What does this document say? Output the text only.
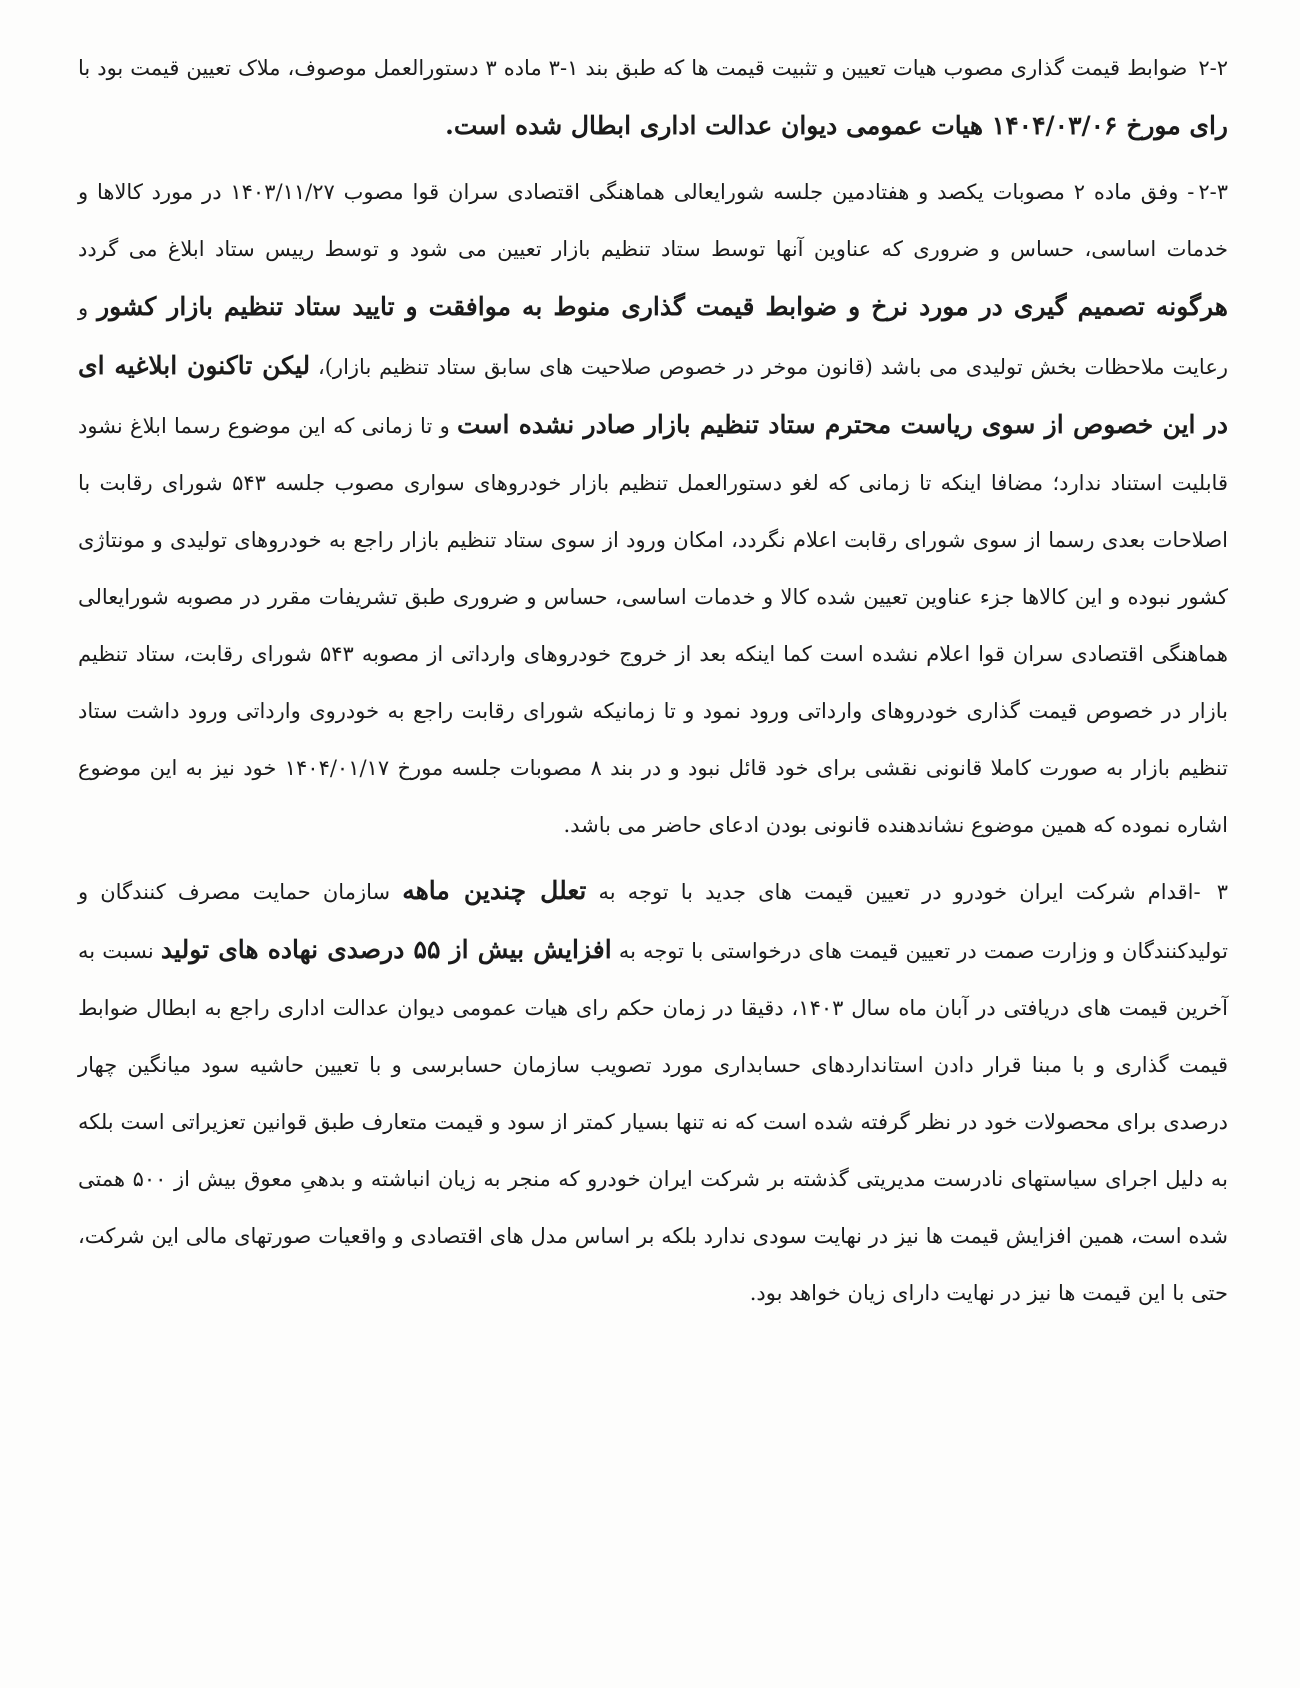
۲-۲ ضوابط قیمت گذاری مصوب هیات تعیین و تثبیت قیمت ها که طبق بند ۱-۳ ماده ۳ دستورالعمل موصوف، ملاک تعیین قیمت بود با رای مورخ ۱۴۰۴/۰۳/۰۶ هیات عمومی دیوان عدالت اداری ابطال شده است.

۲-۳- وفق ماده ۲ مصوبات یکصد و هفتادمین جلسه شورایعالی هماهنگی اقتصادی سران قوا مصوب ۱۴۰۳/۱۱/۲۷ در مورد کالاها و خدمات اساسی، حساس و ضروری که عناوین آنها توسط ستاد تنظیم بازار تعیین می شود و توسط رییس ستاد ابلاغ می گردد هرگونه تصمیم گیری در مورد نرخ و ضوابط قیمت گذاری منوط به موافقت و تایید ستاد تنظیم بازار کشور و رعایت ملاحظات بخش تولیدی می باشد (قانون موخر در خصوص صلاحیت های سابق ستاد تنظیم بازار)، لیکن تاکنون ابلاغیه ای در این خصوص از سوی ریاست محترم ستاد تنظیم بازار صادر نشده است و تا زمانی که این موضوع رسما ابلاغ نشود قابلیت استناد ندارد؛ مضافا اینکه تا زمانی که لغو دستورالعمل تنظیم بازار خودروهای سواری مصوب جلسه ۵۴۳ شورای رقابت با اصلاحات بعدی رسما از سوی شورای رقابت اعلام نگردد، امکان ورود از سوی ستاد تنظیم بازار راجع به خودروهای تولیدی و مونتاژی کشور نبوده و این کالاها جزء عناوین تعیین شده کالا و خدمات اساسی، حساس و ضروری طبق تشریفات مقرر در مصوبه شورایعالی هماهنگی اقتصادی سران قوا اعلام نشده است کما اینکه بعد از خروج خودروهای وارداتی از مصوبه ۵۴۳ شورای رقابت، ستاد تنظیم بازار در خصوص قیمت گذاری خودروهای وارداتی ورود نمود و تا زمانیکه شورای رقابت راجع به خودروی وارداتی ورود داشت ستاد تنظیم بازار به صورت کاملا قانونی نقشی برای خود قائل نبود و در بند ۸ مصوبات جلسه مورخ ۱۴۰۴/۰۱/۱۷ خود نیز به این موضوع اشاره نموده که همین موضوع نشاندهنده قانونی بودن ادعای حاضر می باشد.

۳ -اقدام شرکت ایران خودرو در تعیین قیمت های جدید با توجه به تعلل چندین ماهه سازمان حمایت مصرف کنندگان و تولیدکنندگان و وزارت صمت در تعیین قیمت های درخواستی با توجه به افزایش بیش از ۵۵ درصدی نهاده های تولید نسبت به آخرین قیمت های دریافتی در آبان ماه سال ۱۴۰۳، دقیقا در زمان حکم رای هیات عمومی دیوان عدالت اداری راجع به ابطال ضوابط قیمت گذاری و با مبنا قرار دادن استانداردهای حسابداری مورد تصویب سازمان حسابرسی و با تعیین حاشیه سود میانگین چهار درصدی برای محصولات خود در نظر گرفته شده است که نه تنها بسیار کمتر از سود و قیمت متعارف طبق قوانین تعزیراتی است بلکه به دلیل اجرای سیاستهای نادرست مدیریتی گذشته بر شرکت ایران خودرو که منجر به زیان انباشته و بدهیِ معوق بیش از ۵۰۰ همتی شده است، همین افزایش قیمت ها نیز در نهایت سودی ندارد بلکه بر اساس مدل های اقتصادی و واقعیات صورتهای مالی این شرکت، حتی با این قیمت ها نیز در نهایت دارای زیان خواهد بود.
